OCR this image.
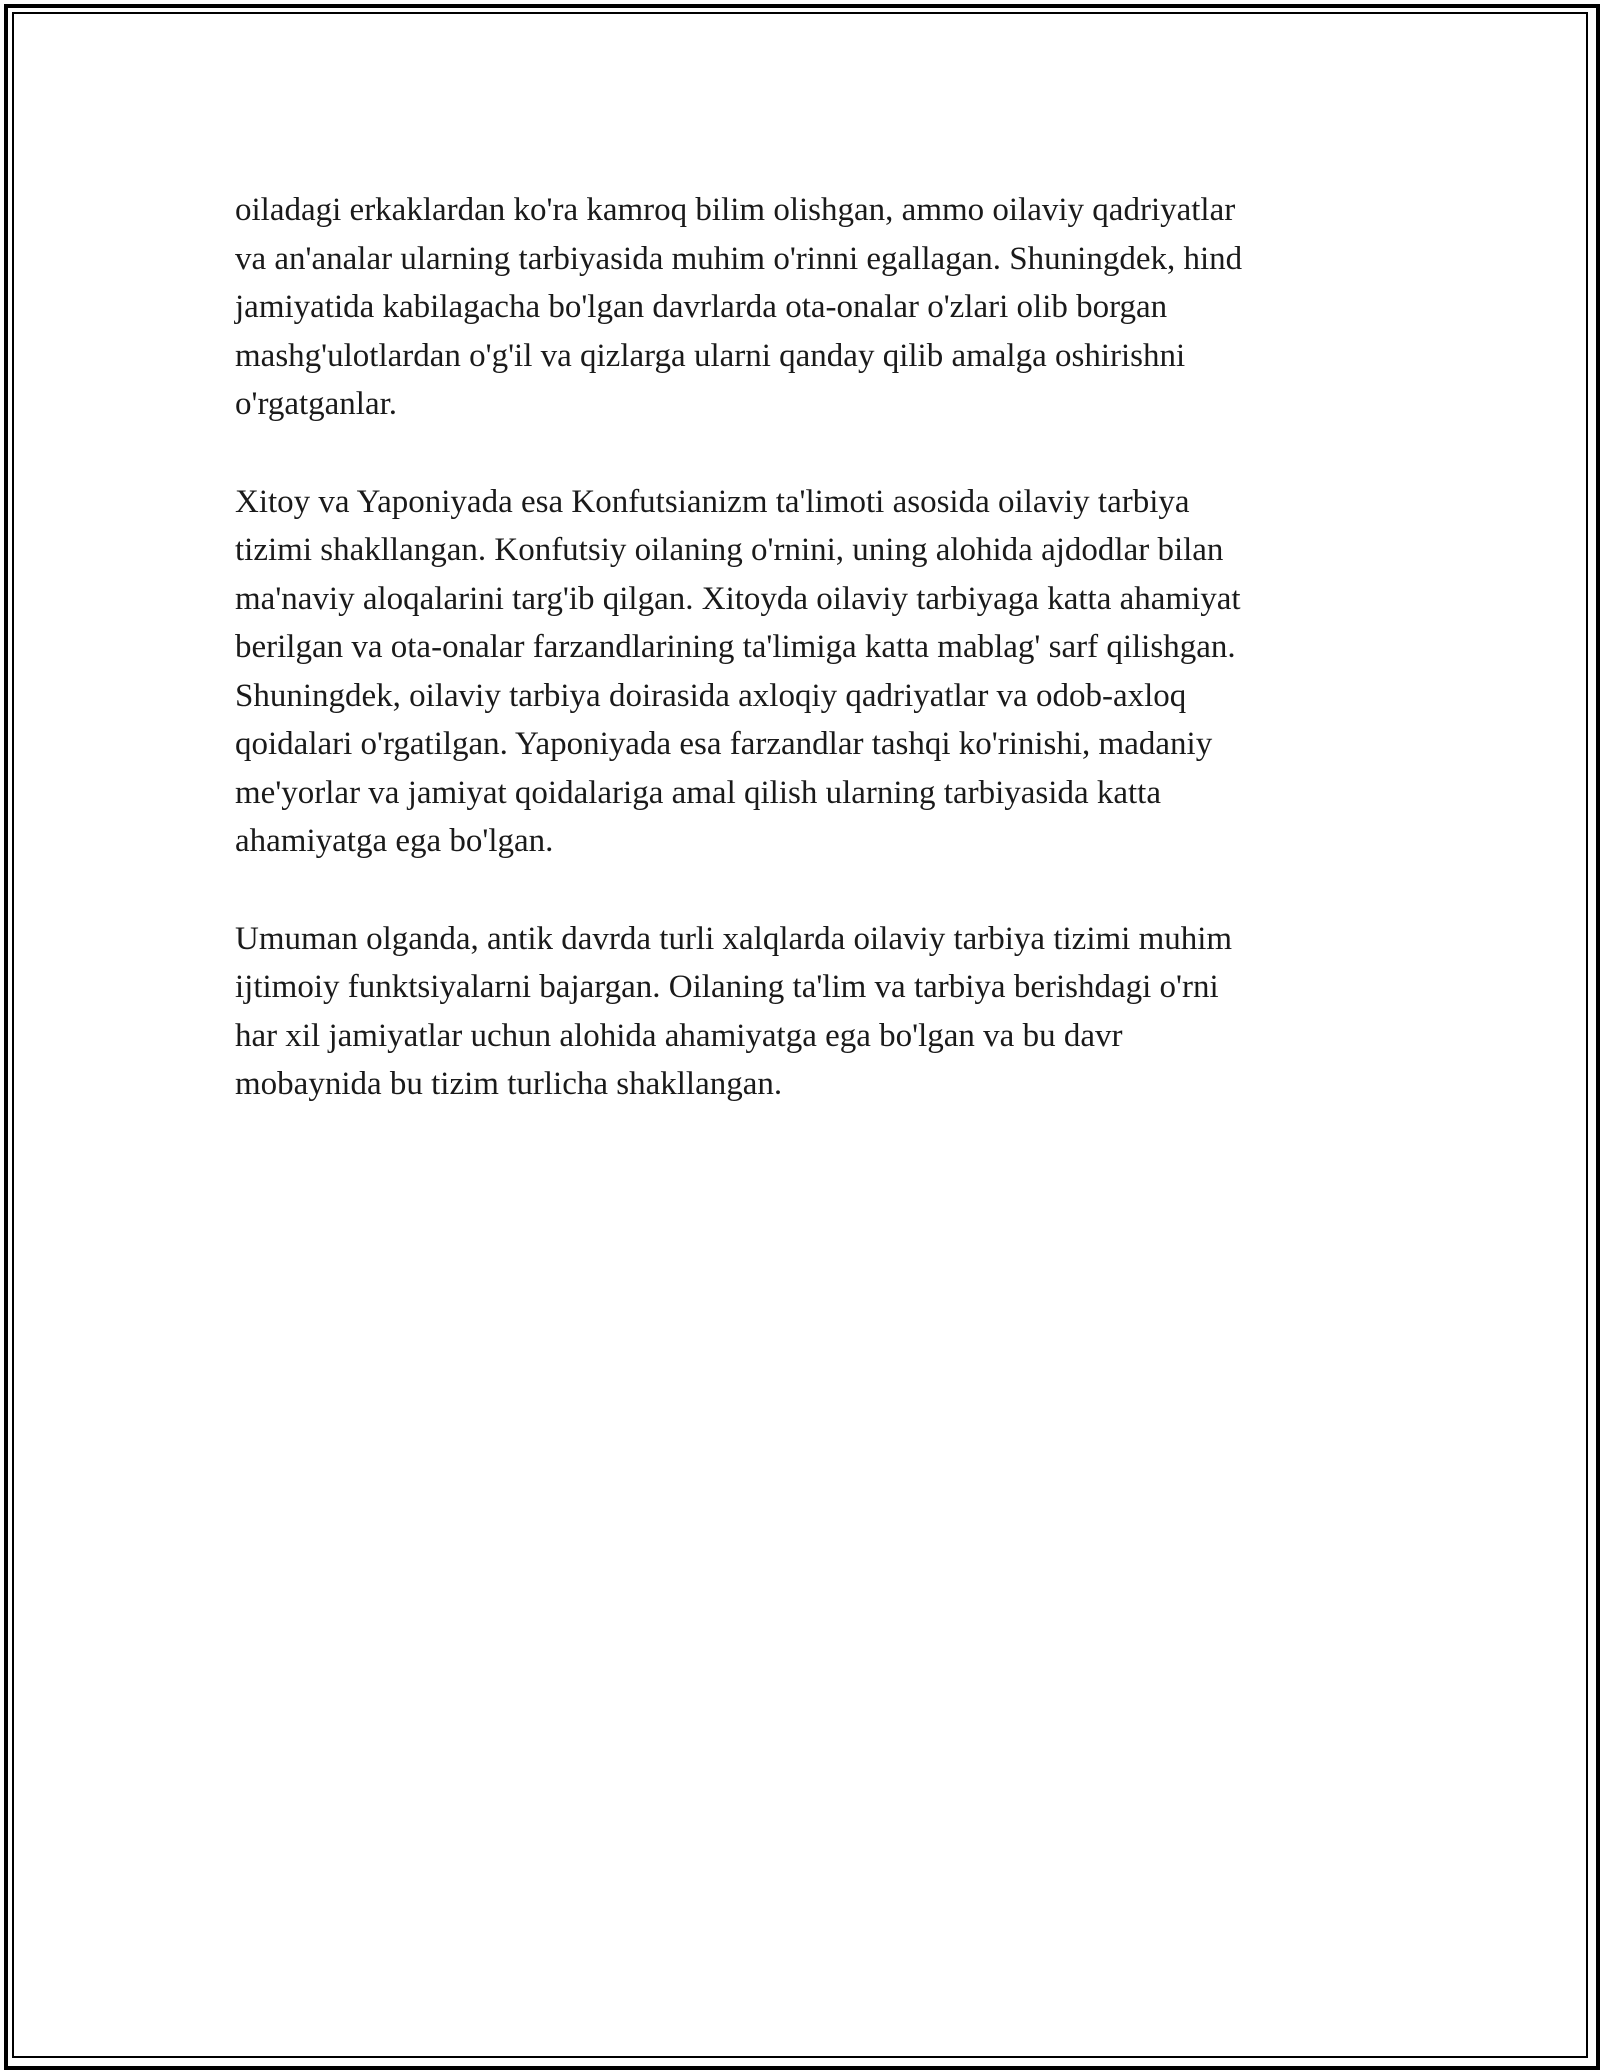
oiladagi erkaklardan ko'ra kamroq bilim olishgan, ammo oilaviy qadriyatlar
va an'analar ularning tarbiyasida muhim o'rinni egallagan. Shuningdek, hind
jamiyatida kabilagacha bo'lgan davrlarda ota-onalar o'zlari olib borgan
mashg'ulotlardan o'g'il va qizlarga ularni qanday qilib amalga oshirishni
o'rgatganlar.

Xitoy va Yaponiyada esa Konfutsianizm ta'limoti asosida oilaviy tarbiya
tizimi shakllangan. Konfutsiy oilaning o'rnini, uning alohida ajdodlar bilan
ma'naviy aloqalarini targ'ib qilgan. Xitoyda oilaviy tarbiyaga katta ahamiyat
berilgan va ota-onalar farzandlarining ta'limiga katta mablag' sarf qilishgan.
Shuningdek, oilaviy tarbiya doirasida axloqiy qadriyatlar va odob-axloq
qoidalari o'rgatilgan. Yaponiyada esa farzandlar tashqi ko'rinishi, madaniy
me'yorlar va jamiyat qoidalariga amal qilish ularning tarbiyasida katta
ahamiyatga ega bo'lgan.

Umuman olganda, antik davrda turli xalqlarda oilaviy tarbiya tizimi muhim
ijtimoiy funktsiyalarni bajargan. Oilaning ta'lim va tarbiya berishdagi o'rni
har xil jamiyatlar uchun alohida ahamiyatga ega bo'lgan va bu davr
mobaynida bu tizim turlicha shakllangan.
